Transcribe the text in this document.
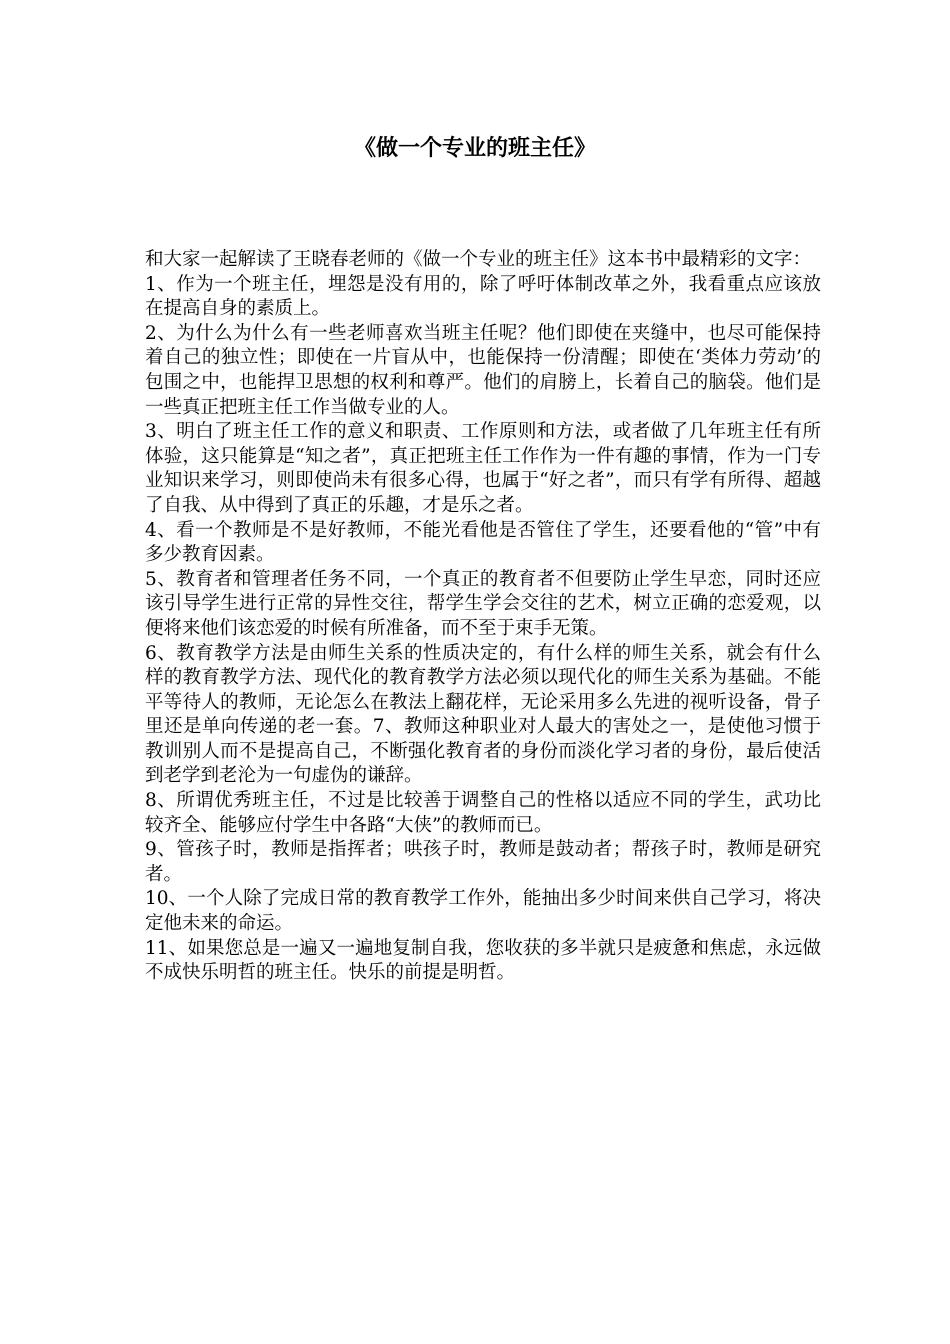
《做一个专业的班主任》

和大家一起解读了王晓春老师的《做一个专业的班主任》这本书中最精彩的文字：

1、作为一个班主任，埋怨是没有用的，除了呼吁体制改革之外，我看重点应该放在提高自身的素质上。

2、为什么为什么有一些老师喜欢当班主任呢？他们即使在夹缝中，也尽可能保持着自己的独立性；即使在一片盲从中，也能保持一份清醒；即使在‘类体力劳动’的包围之中，也能捍卫思想的权利和尊严。他们的肩膀上，长着自己的脑袋。他们是一些真正把班主任工作当做专业的人。

3、明白了班主任工作的意义和职责、工作原则和方法，或者做了几年班主任有所体验，这只能算是“知之者”，真正把班主任工作作为一件有趣的事情，作为一门专业知识来学习，则即使尚未有很多心得，也属于“好之者”，而只有学有所得、超越了自我、从中得到了真正的乐趣，才是乐之者。

4、看一个教师是不是好教师，不能光看他是否管住了学生，还要看他的“管”中有多少教育因素。

5、教育者和管理者任务不同，一个真正的教育者不但要防止学生早恋，同时还应该引导学生进行正常的异性交往，帮学生学会交往的艺术，树立正确的恋爱观，以便将来他们该恋爱的时候有所准备，而不至于束手无策。

6、教育教学方法是由师生关系的性质决定的，有什么样的师生关系，就会有什么样的教育教学方法、现代化的教育教学方法必须以现代化的师生关系为基础。不能平等待人的教师，无论怎么在教法上翻花样，无论采用多么先进的视听设备，骨子里还是单向传递的老一套。7、教师这种职业对人最大的害处之一，是使他习惯于教训别人而不是提高自己，不断强化教育者的身份而淡化学习者的身份，最后使活到老学到老沦为一句虚伪的谦辞。

8、所谓优秀班主任，不过是比较善于调整自己的性格以适应不同的学生，武功比较齐全、能够应付学生中各路“大侠”的教师而已。

9、管孩子时，教师是指挥者；哄孩子时，教师是鼓动者；帮孩子时，教师是研究者。

10、一个人除了完成日常的教育教学工作外，能抽出多少时间来供自己学习，将决定他未来的命运。

11、如果您总是一遍又一遍地复制自我，您收获的多半就只是疲惫和焦虑，永远做不成快乐明哲的班主任。快乐的前提是明哲。
